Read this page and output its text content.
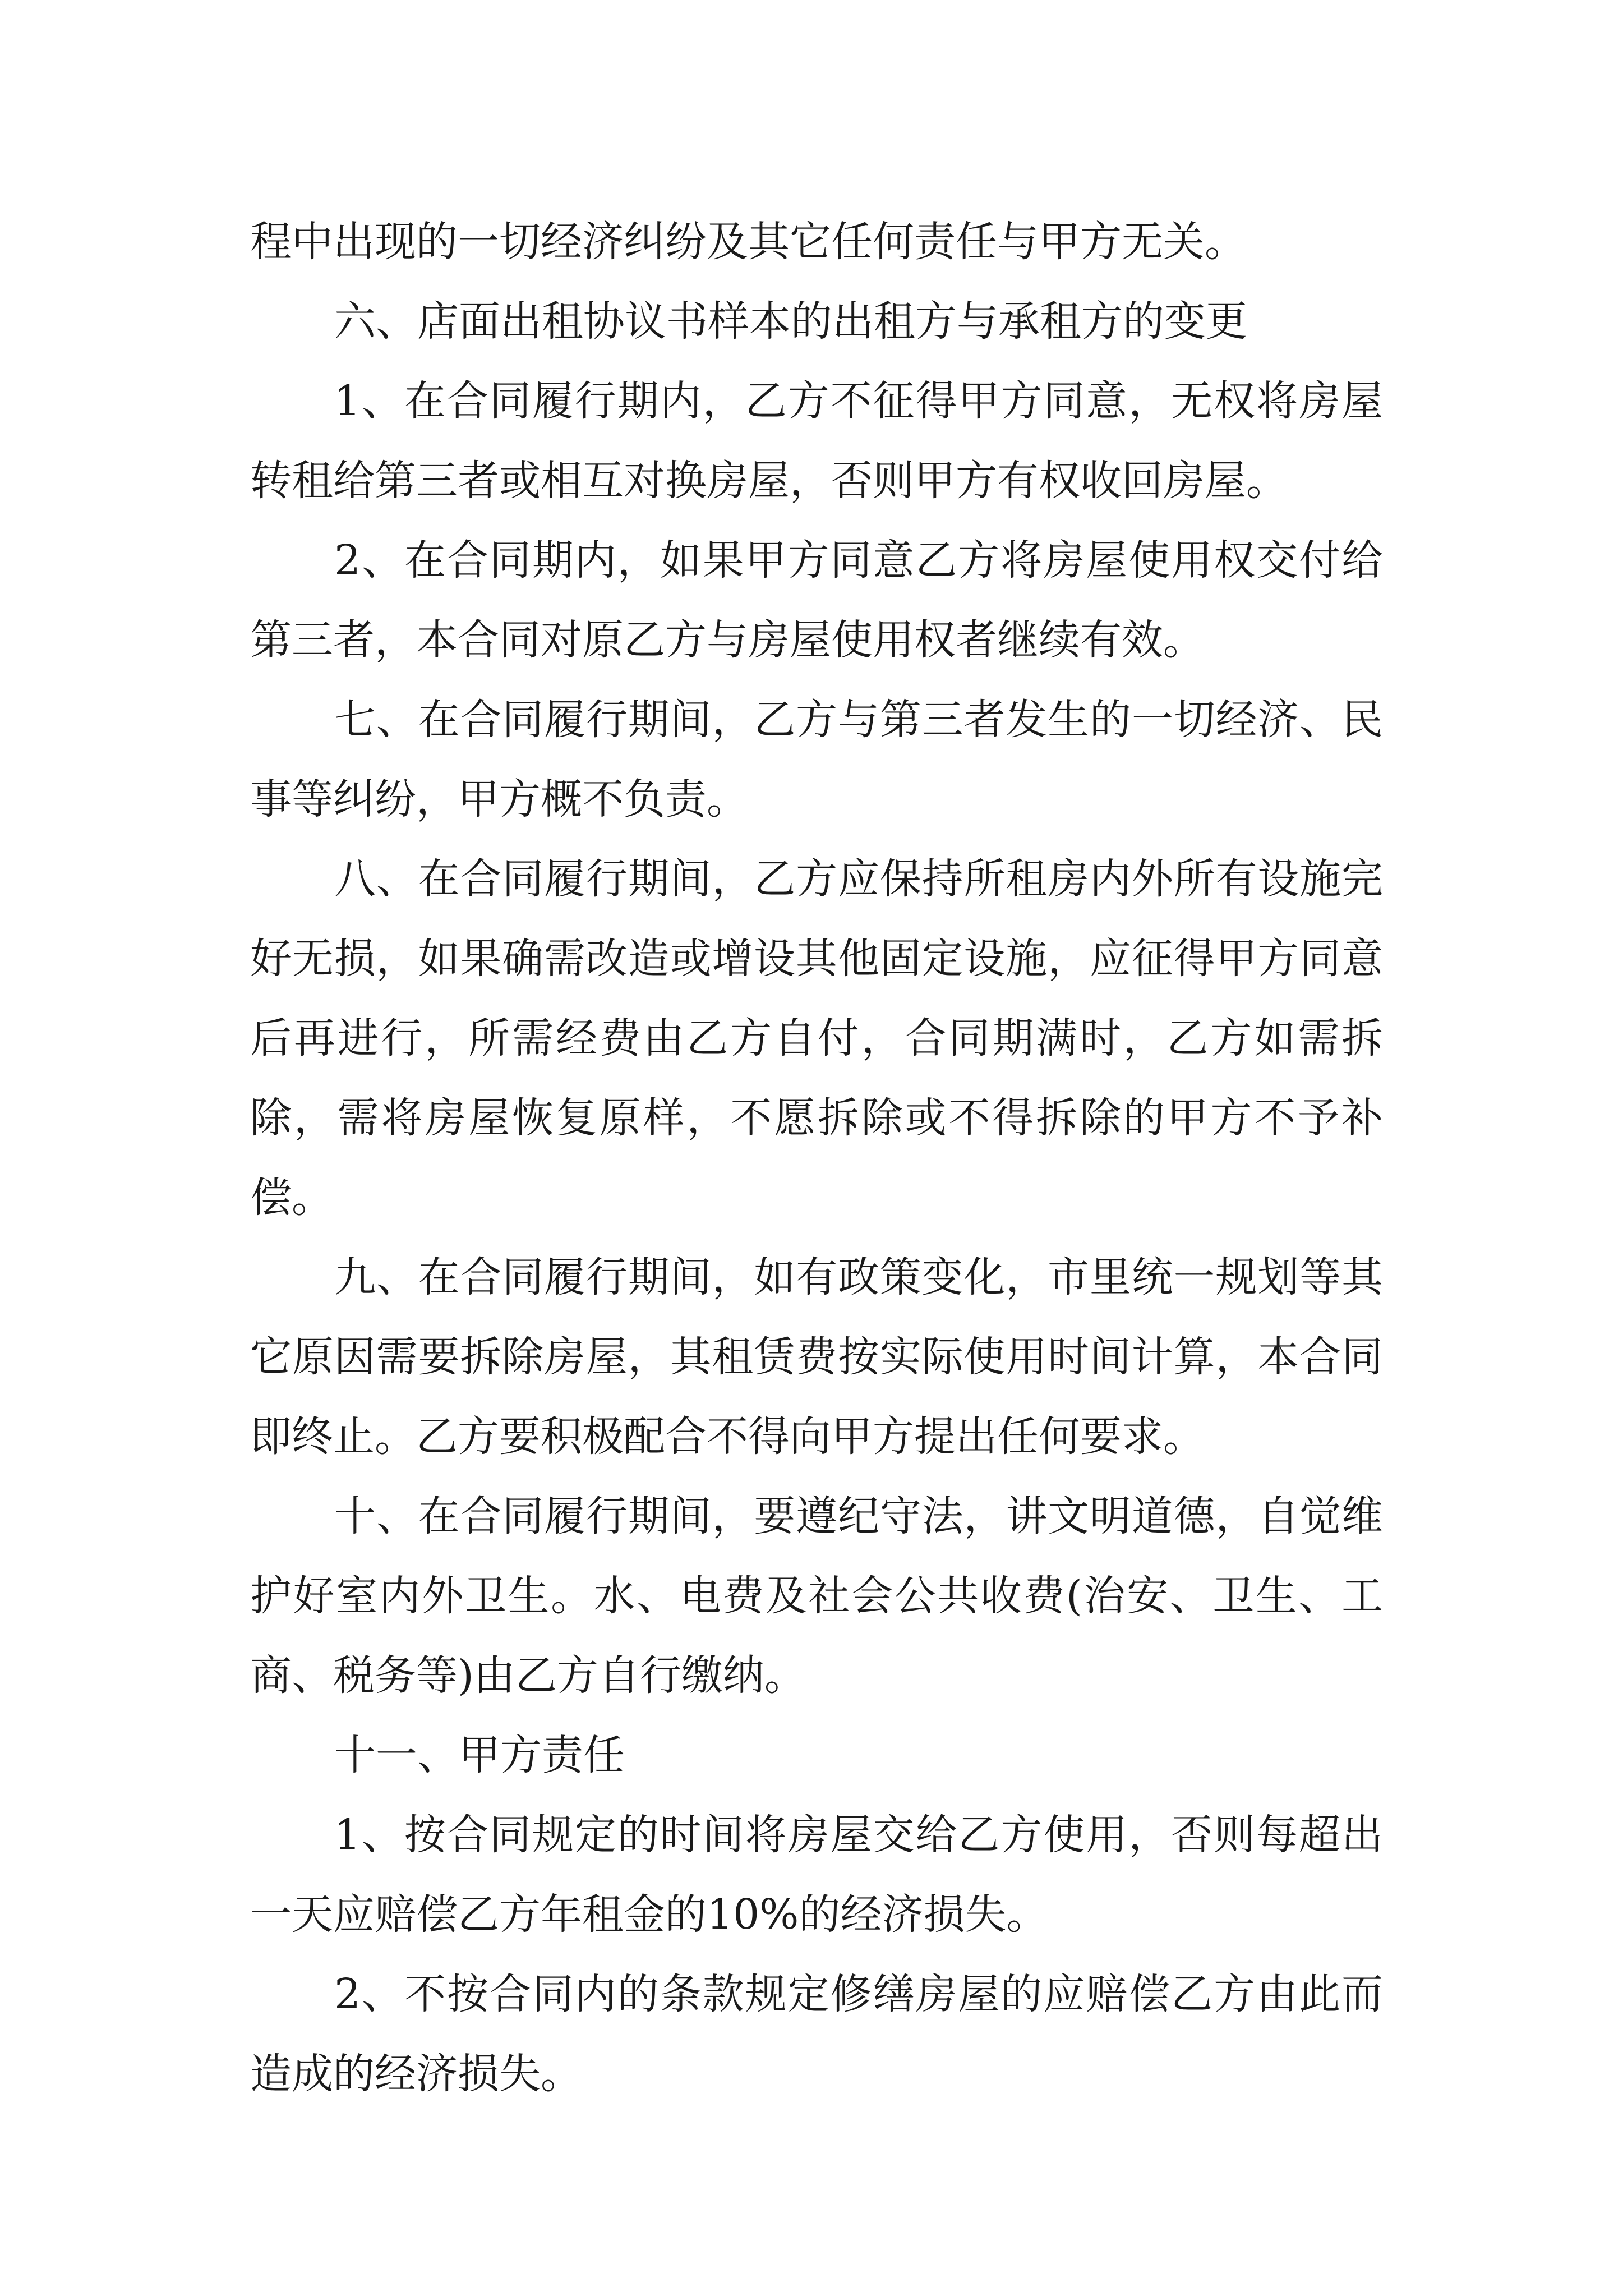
程中出现的一切经济纠纷及其它任何责任与甲方无关。

六、店面出租协议书样本的出租方与承租方的变更

1、在合同履行期内，乙方不征得甲方同意，无权将房屋转租给第三者或相互对换房屋，否则甲方有权收回房屋。

2、在合同期内，如果甲方同意乙方将房屋使用权交付给第三者，本合同对原乙方与房屋使用权者继续有效。

七、在合同履行期间，乙方与第三者发生的一切经济、民事等纠纷，甲方概不负责。

八、在合同履行期间，乙方应保持所租房内外所有设施完好无损，如果确需改造或增设其他固定设施，应征得甲方同意后再进行，所需经费由乙方自付，合同期满时，乙方如需拆除，需将房屋恢复原样，不愿拆除或不得拆除的甲方不予补偿。

九、在合同履行期间，如有政策变化，市里统一规划等其它原因需要拆除房屋，其租赁费按实际使用时间计算，本合同即终止。乙方要积极配合不得向甲方提出任何要求。

十、在合同履行期间，要遵纪守法，讲文明道德，自觉维护好室内外卫生。水、电费及社会公共收费(治安、卫生、工商、税务等)由乙方自行缴纳。

十一、甲方责任

1、按合同规定的时间将房屋交给乙方使用，否则每超出一天应赔偿乙方年租金的10%的经济损失。

2、不按合同内的条款规定修缮房屋的应赔偿乙方由此而造成的经济损失。
